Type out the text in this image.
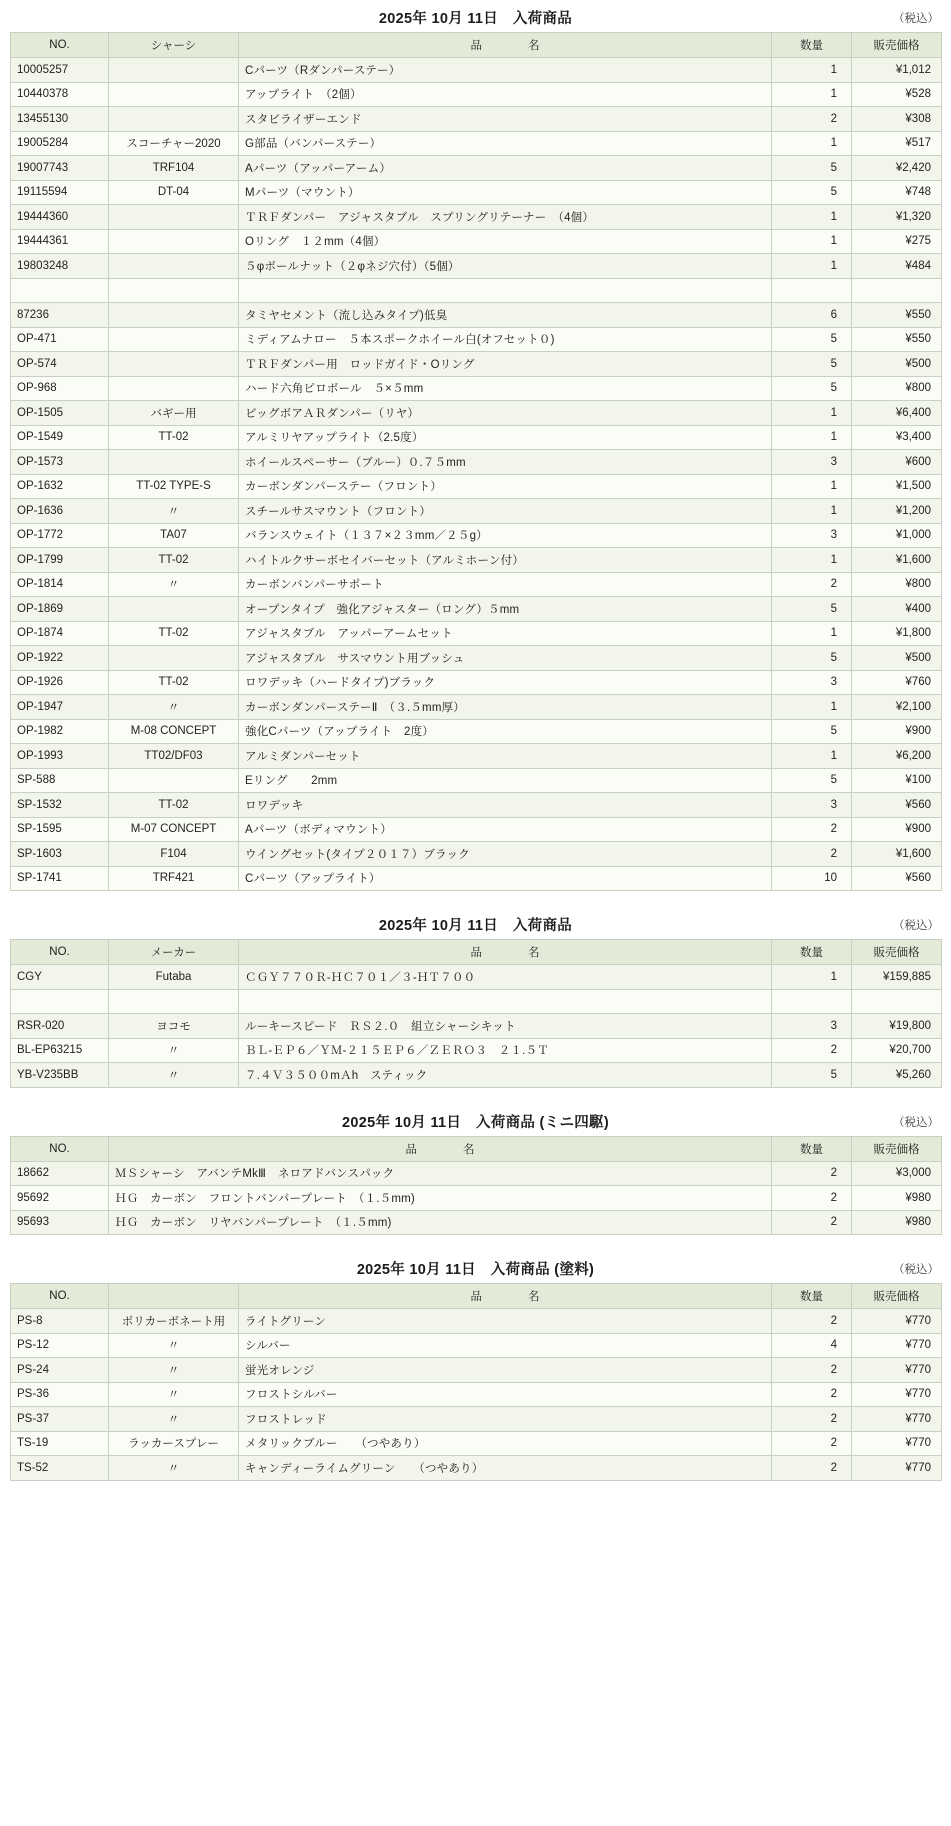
2025年 10月 11日　入荷商品	（税込）
NO.	シャーシ	品　　　　名	数量	販売価格
10005257		Cパーツ（Rダンパーステー）	1	¥1,012
10440378		アップライト　（2個）	1	¥528
13455130		スタビライザーエンド	2	¥308
19005284	スコーチャー2020	G部品（バンパーステー）	1	¥517
19007743	TRF104	Aパーツ（アッパーアーム）	5	¥2,420
19115594	DT-04	Mパーツ（マウント）	5	¥748
19444360		ＴＲＦダンパー　アジャスタブル　スプリングリテーナー　（4個）	1	¥1,320
19444361		Oリング　１２mm（4個）	1	¥275
19803248		５φボールナット（２φネジ穴付）（5個）	1	¥484

87236		タミヤセメント（流し込みタイプ)低臭	6	¥550
OP-471		ミディアムナロー　５本スポークホイール白(オフセット０)	5	¥550
OP-574		ＴＲＦダンパー用　ロッドガイド・Oリング	5	¥500
OP-968		ハード六角ピロボール　５×５mm	5	¥800
OP-1505	バギー用	ビッグボアＡＲダンパー（リヤ）	1	¥6,400
OP-1549	TT-02	アルミリヤアップライト（2.5度）	1	¥3,400
OP-1573		ホイールスペーサー（ブルー）０.７５mm	3	¥600
OP-1632	TT-02 TYPE-S	カーボンダンパーステー（フロント）	1	¥1,500
OP-1636	〃	スチールサスマウント（フロント）	1	¥1,200
OP-1772	TA07	バランスウェイト（１３７×２３mm／２５g）	3	¥1,000
OP-1799	TT-02	ハイトルクサーボセイバーセット（アルミホーン付）	1	¥1,600
OP-1814	〃	カーボンバンパーサポート	2	¥800
OP-1869		オープンタイプ　強化アジャスター（ロング）５mm	5	¥400
OP-1874	TT-02	アジャスタブル　アッパーアームセット	1	¥1,800
OP-1922		アジャスタブル　サスマウント用ブッシュ	5	¥500
OP-1926	TT-02	ロワデッキ（ハードタイプ)ブラック	3	¥760
OP-1947	〃	カーボンダンパーステーⅡ　（３.５mm厚）	1	¥2,100
OP-1982	M-08 CONCEPT	強化Cパーツ（アップライト　2度）	5	¥900
OP-1993	TT02/DF03	アルミダンパーセット	1	¥6,200
SP-588		Eリング　　2mm	5	¥100
SP-1532	TT-02	ロワデッキ	3	¥560
SP-1595	M-07 CONCEPT	Aパーツ（ボディマウント）	2	¥900
SP-1603	F104	ウイングセット(タイプ２０１７）ブラック	2	¥1,600
SP-1741	TRF421	Cパーツ（アップライト）	10	¥560
2025年 10月 11日　入荷商品	（税込）
NO.	メーカー	品　　　　名	数量	販売価格
CGY	Futaba	ＣＧＹ７７０Ｒ-ＨＣ７０１／３-ＨＴ７００	1	¥159,885

RSR-020	ヨコモ	ルーキースピード　ＲＳ２.０　組立シャーシキット	3	¥19,800
BL-EP63215	〃	ＢＬ-ＥＰ６／ＹＭ-２１５ＥＰ６／ＺＥＲＯ３　２１.５Ｔ	2	¥20,700
YB-V235BB	〃	７.４Ｖ３５００mＡh　スティック	5	¥5,260
2025年 10月 11日　入荷商品 (ミニ四駆)	（税込）
NO.	品　　　　名	数量	販売価格
18662	ＭＳシャーシ　アバンテMkⅢ　ネロアドバンスパック	2	¥3,000
95692	ＨＧ　カーボン　フロントバンパープレート　（１.５mm)	2	¥980
95693	ＨＧ　カーボン　リヤバンパープレート　（１.５mm)	2	¥980
2025年 10月 11日　入荷商品 (塗料)	（税込）
NO.		品　　　　名	数量	販売価格
PS-8	ポリカーボネート用	ライトグリーン	2	¥770
PS-12	〃	シルバー	4	¥770
PS-24	〃	蛍光オレンジ	2	¥770
PS-36	〃	フロストシルバー	2	¥770
PS-37	〃	フロストレッド	2	¥770
TS-19	ラッカースプレー	メタリックブルー　　（つやあり）	2	¥770
TS-52	〃	キャンディーライムグリーン　　（つやあり）	2	¥770
